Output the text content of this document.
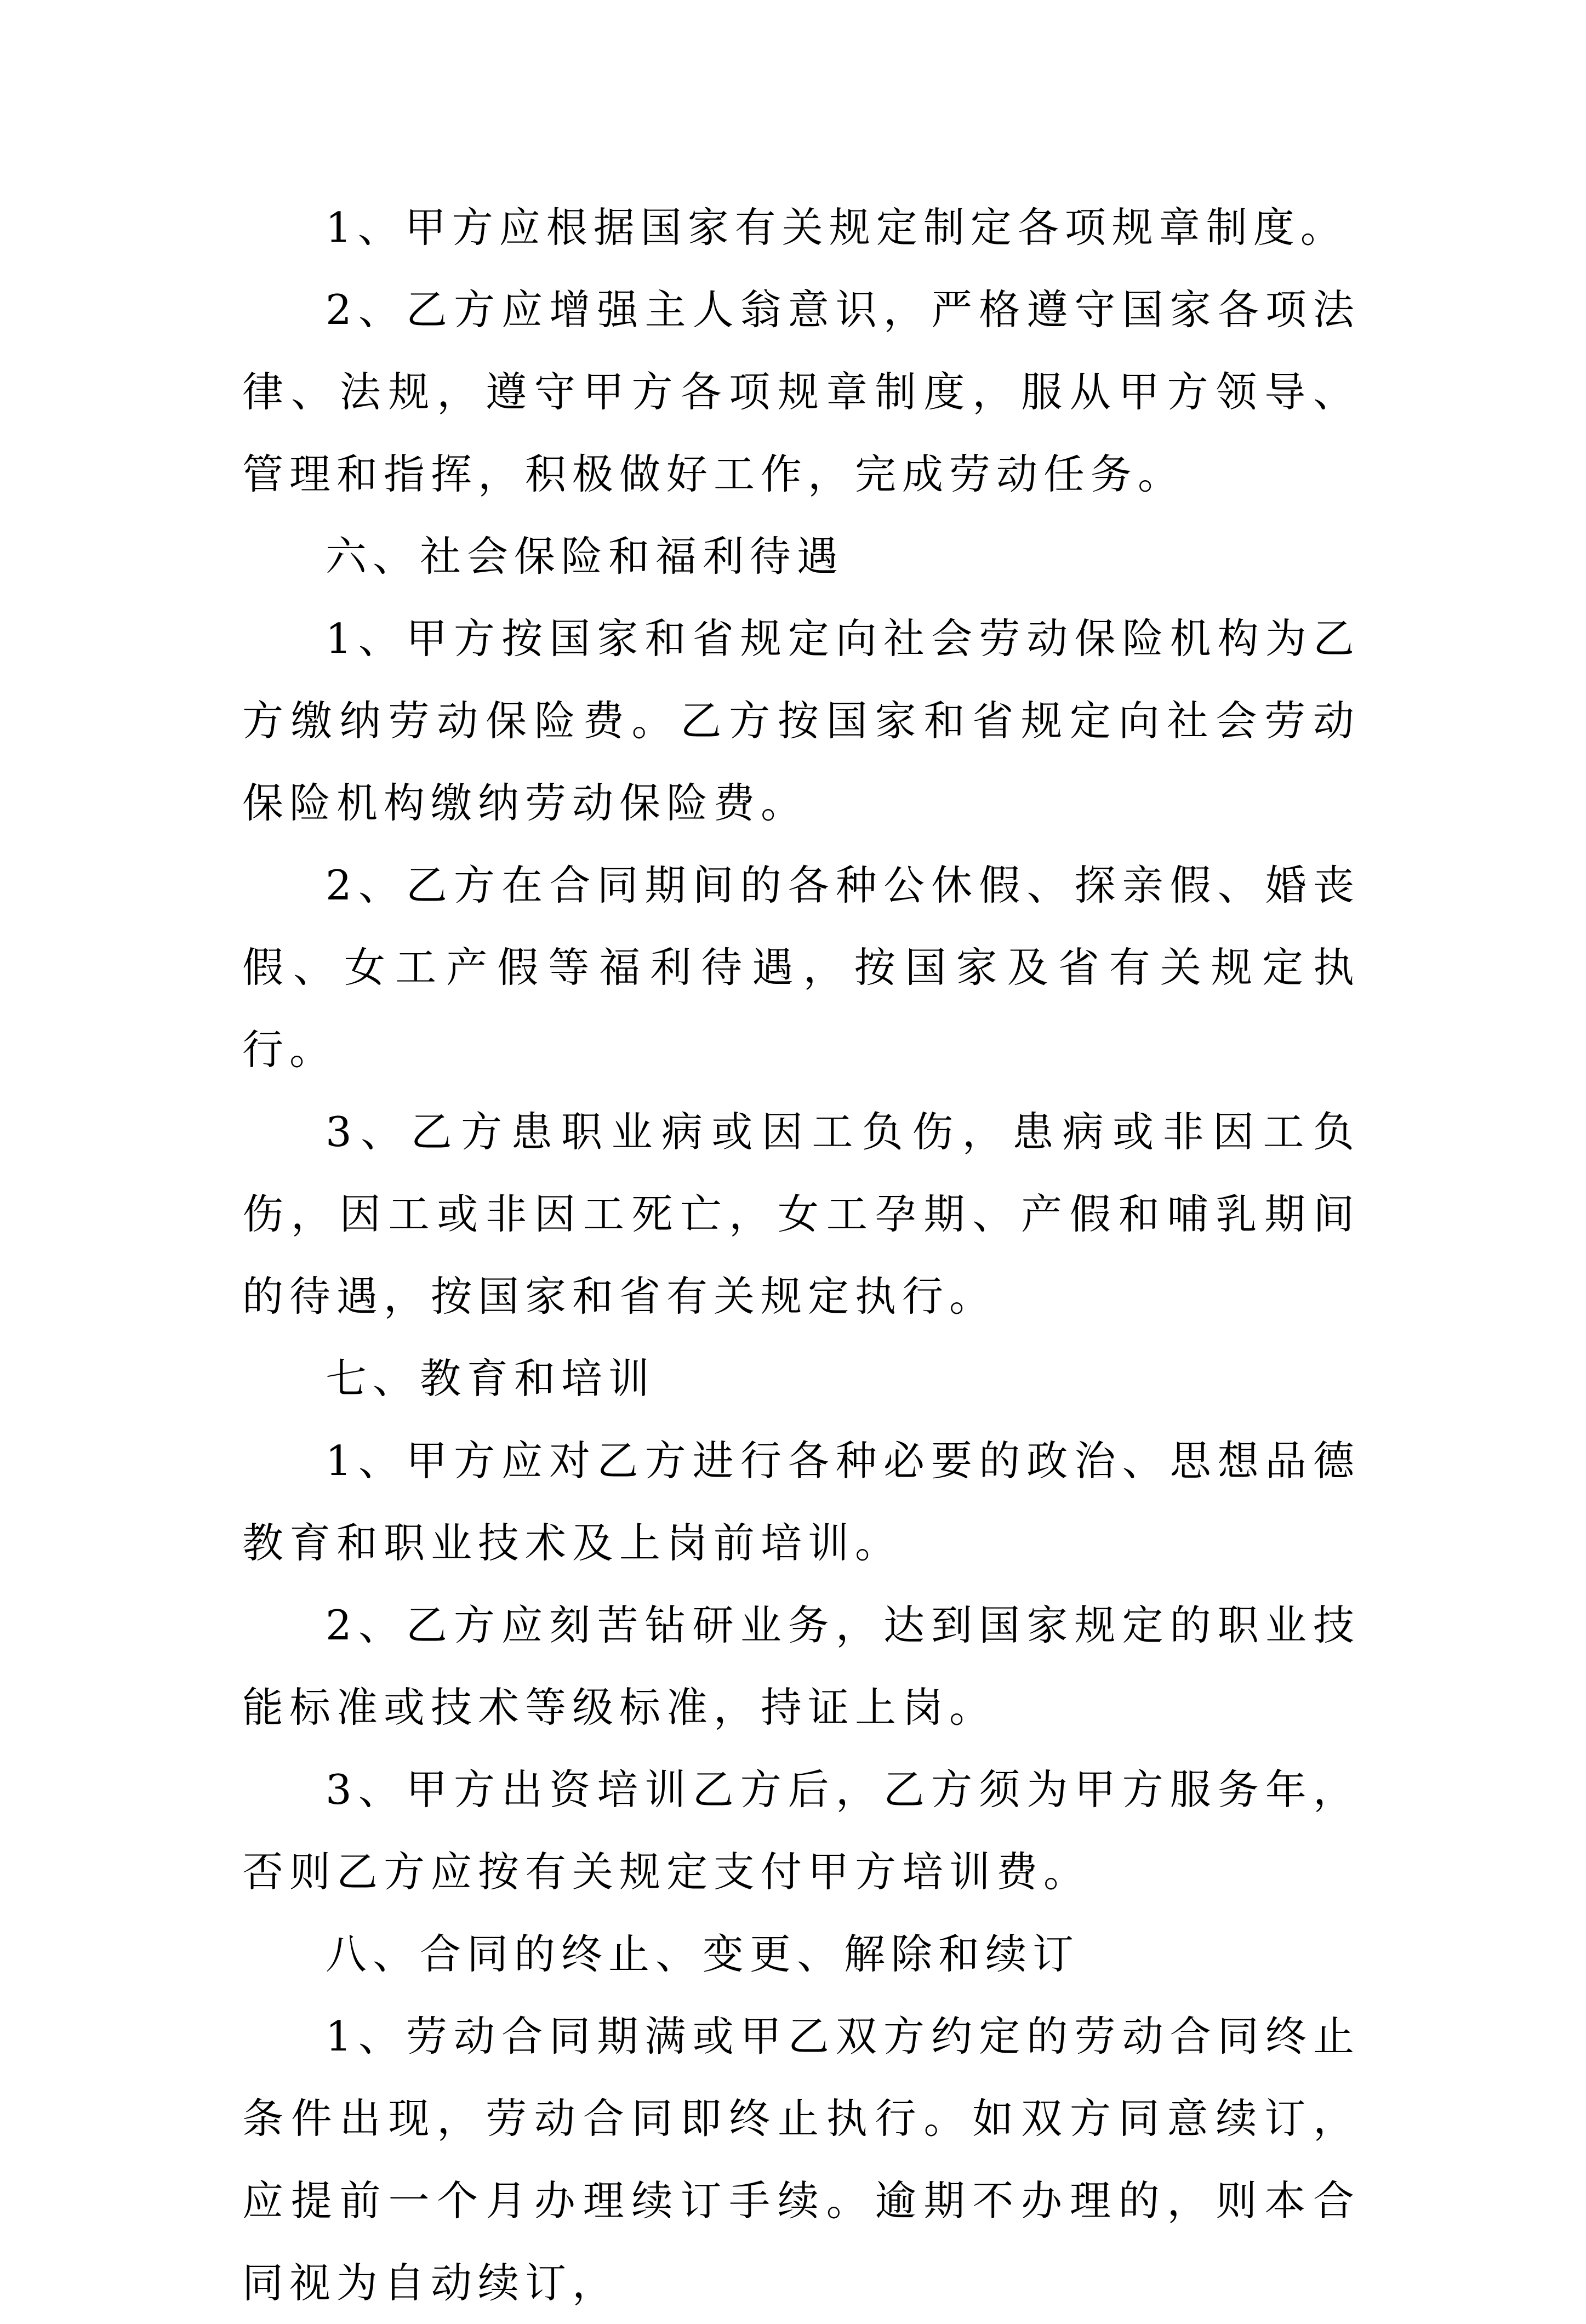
1、甲方应根据国家有关规定制定各项规章制度。

2、乙方应增强主人翁意识，严格遵守国家各项法律、法规，遵守甲方各项规章制度，服从甲方领导、管理和指挥，积极做好工作，完成劳动任务。

六、社会保险和福利待遇

1、甲方按国家和省规定向社会劳动保险机构为乙方缴纳劳动保险费。乙方按国家和省规定向社会劳动保险机构缴纳劳动保险费。

2、乙方在合同期间的各种公休假、探亲假、婚丧假、女工产假等福利待遇，按国家及省有关规定执行。

3、乙方患职业病或因工负伤，患病或非因工负伤，因工或非因工死亡，女工孕期、产假和哺乳期间的待遇，按国家和省有关规定执行。

七、教育和培训

1、甲方应对乙方进行各种必要的政治、思想品德教育和职业技术及上岗前培训。

2、乙方应刻苦钻研业务，达到国家规定的职业技能标准或技术等级标准，持证上岗。

3、甲方出资培训乙方后，乙方须为甲方服务年，否则乙方应按有关规定支付甲方培训费。

八、合同的终止、变更、解除和续订

1、劳动合同期满或甲乙双方约定的劳动合同终止条件出现，劳动合同即终止执行。如双方同意续订，应提前一个月办理续订手续。逾期不办理的，则本合同视为自动续订，
